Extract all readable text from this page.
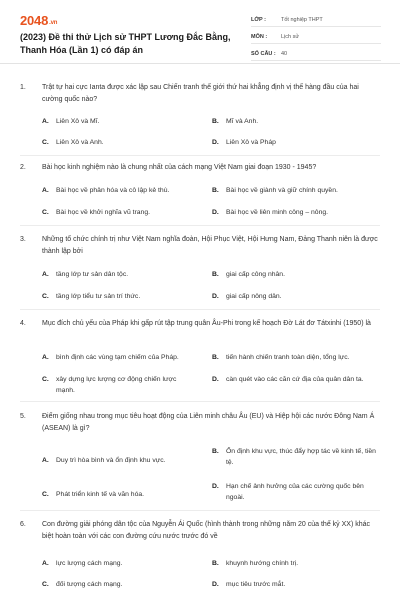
2048.vn
(2023) Đề thi thử Lịch sử THPT Lương Đắc Bằng, Thanh Hóa (Lần 1) có đáp án
LỚP :	Tốt nghiệp THPT
MÔN :	Lịch sử
SỐ CÂU : 40
1.	Trật tự hai cực Ianta được xác lập sau Chiến tranh thế giới thứ hai khẳng định vị thế hàng đầu của hai cường quốc nào?
A.	Liên Xô và Mĩ.	B.	Mĩ và Anh.
C.	Liên Xô và Anh.	D.	Liên Xô và Pháp
2.	Bài học kinh nghiệm nào là chung nhất của cách mạng Việt Nam giai đoạn 1930 - 1945?
A.	Bài học về phân hóa và cô lập kẻ thù.	B.	Bài học về giành và giữ chính quyền.
C.	Bài học về khởi nghĩa vũ trang.	D.	Bài học về liên minh công – nông.
3.	Những tổ chức chính trị như Việt Nam nghĩa đoàn, Hội Phục Việt, Hội Hưng Nam, Đảng Thanh niên là được thành lập bởi
A.	tầng lớp tư sản dân tộc.	B.	giai cấp công nhân.
C.	tầng lớp tiểu tư sản trí thức.	D.	giai cấp nông dân.
4.	Mục đích chủ yếu của Pháp khi gấp rút tập trung quân Âu-Phi trong kế hoạch Đờ Lát đơ Tátxinhi (1950) là
A.	bình định các vùng tạm chiếm của Pháp.	B.	tiến hành chiến tranh toàn diện, tổng lực.
C.	xây dựng lực lượng cơ động chiến lược mạnh.
D.	càn quét vào các căn cứ địa của quân dân ta.
5.	Điểm giống nhau trong mục tiêu hoạt động của Liên minh châu Âu (EU) và Hiệp hội các nước Đông Nam Á (ASEAN) là gì?
A.	Duy trì hòa bình và ổn định khu vực.
B.	Ổn định khu vực, thúc đẩy hợp tác về kinh tế, tiền tệ.
C.	Phát triển kinh tế và văn hóa.
D.	Hạn chế ảnh hưởng của các cường quốc bên ngoài.
6.	Con đường giải phóng dân tộc của Nguyễn Ái Quốc (hình thành trong những năm 20 của thế kỷ XX) khác biệt hoàn toàn với các con đường cứu nước trước đó về
A.	lực lượng cách mạng.	B.	khuynh hướng chính trị.
C.	đối tượng cách mạng.	D.	mục tiêu trước mắt.
